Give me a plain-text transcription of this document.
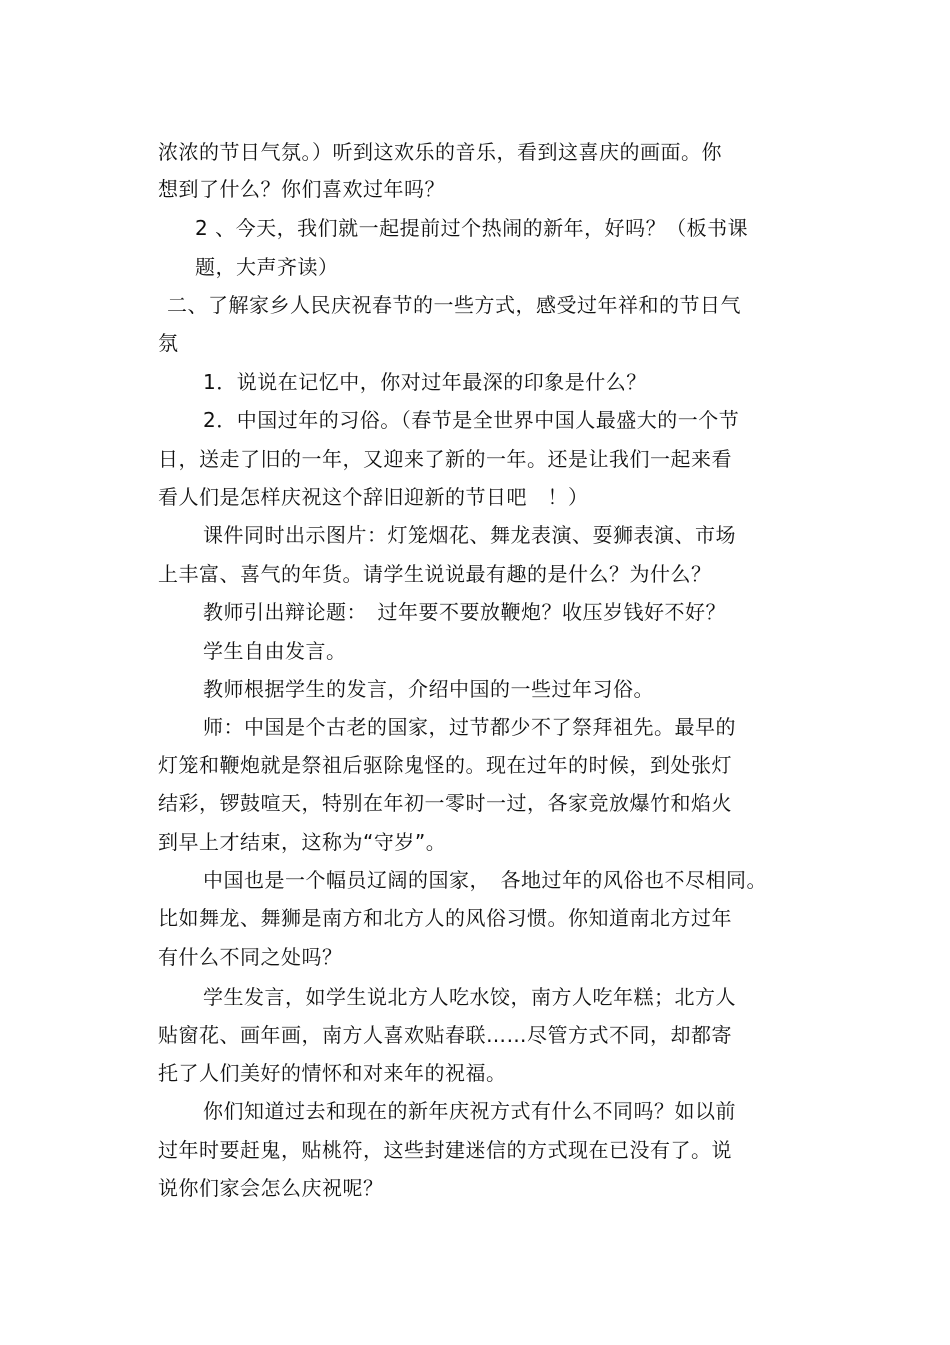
浓浓的节日气氛。）听到这欢乐的音乐，看到这喜庆的画面。你
想到了什么？你们喜欢过年吗？
2 、今天，我们就一起提前过个热闹的新年，好吗？（板书课
题，大声齐读）
二、了解家乡人民庆祝春节的一些方式，感受过年祥和的节日气
氛
1．说说在记忆中，你对过年最深的印象是什么？
2．中国过年的习俗。（春节是全世界中国人最盛大的一个节
日，送走了旧的一年，又迎来了新的一年。还是让我们一起来看
看人们是怎样庆祝这个辞旧迎新的节日吧　！）
课件同时出示图片：灯笼烟花、舞龙表演、耍狮表演、市场
上丰富、喜气的年货。请学生说说最有趣的是什么？为什么？
教师引出辩论题：　过年要不要放鞭炮？收压岁钱好不好？
学生自由发言。
教师根据学生的发言，介绍中国的一些过年习俗。
师：中国是个古老的国家，过节都少不了祭拜祖先。最早的
灯笼和鞭炮就是祭祖后驱除鬼怪的。现在过年的时候，到处张灯
结彩，锣鼓喧天，特别在年初一零时一过，各家竞放爆竹和焰火
到早上才结束，这称为“守岁”。
中国也是一个幅员辽阔的国家，　各地过年的风俗也不尽相同。
比如舞龙、舞狮是南方和北方人的风俗习惯。你知道南北方过年
有什么不同之处吗？
学生发言，如学生说北方人吃水饺，南方人吃年糕；北方人
贴窗花、画年画，南方人喜欢贴春联……尽管方式不同，却都寄
托了人们美好的情怀和对来年的祝福。
你们知道过去和现在的新年庆祝方式有什么不同吗？如以前
过年时要赶鬼，贴桃符，这些封建迷信的方式现在已没有了。说
说你们家会怎么庆祝呢？
